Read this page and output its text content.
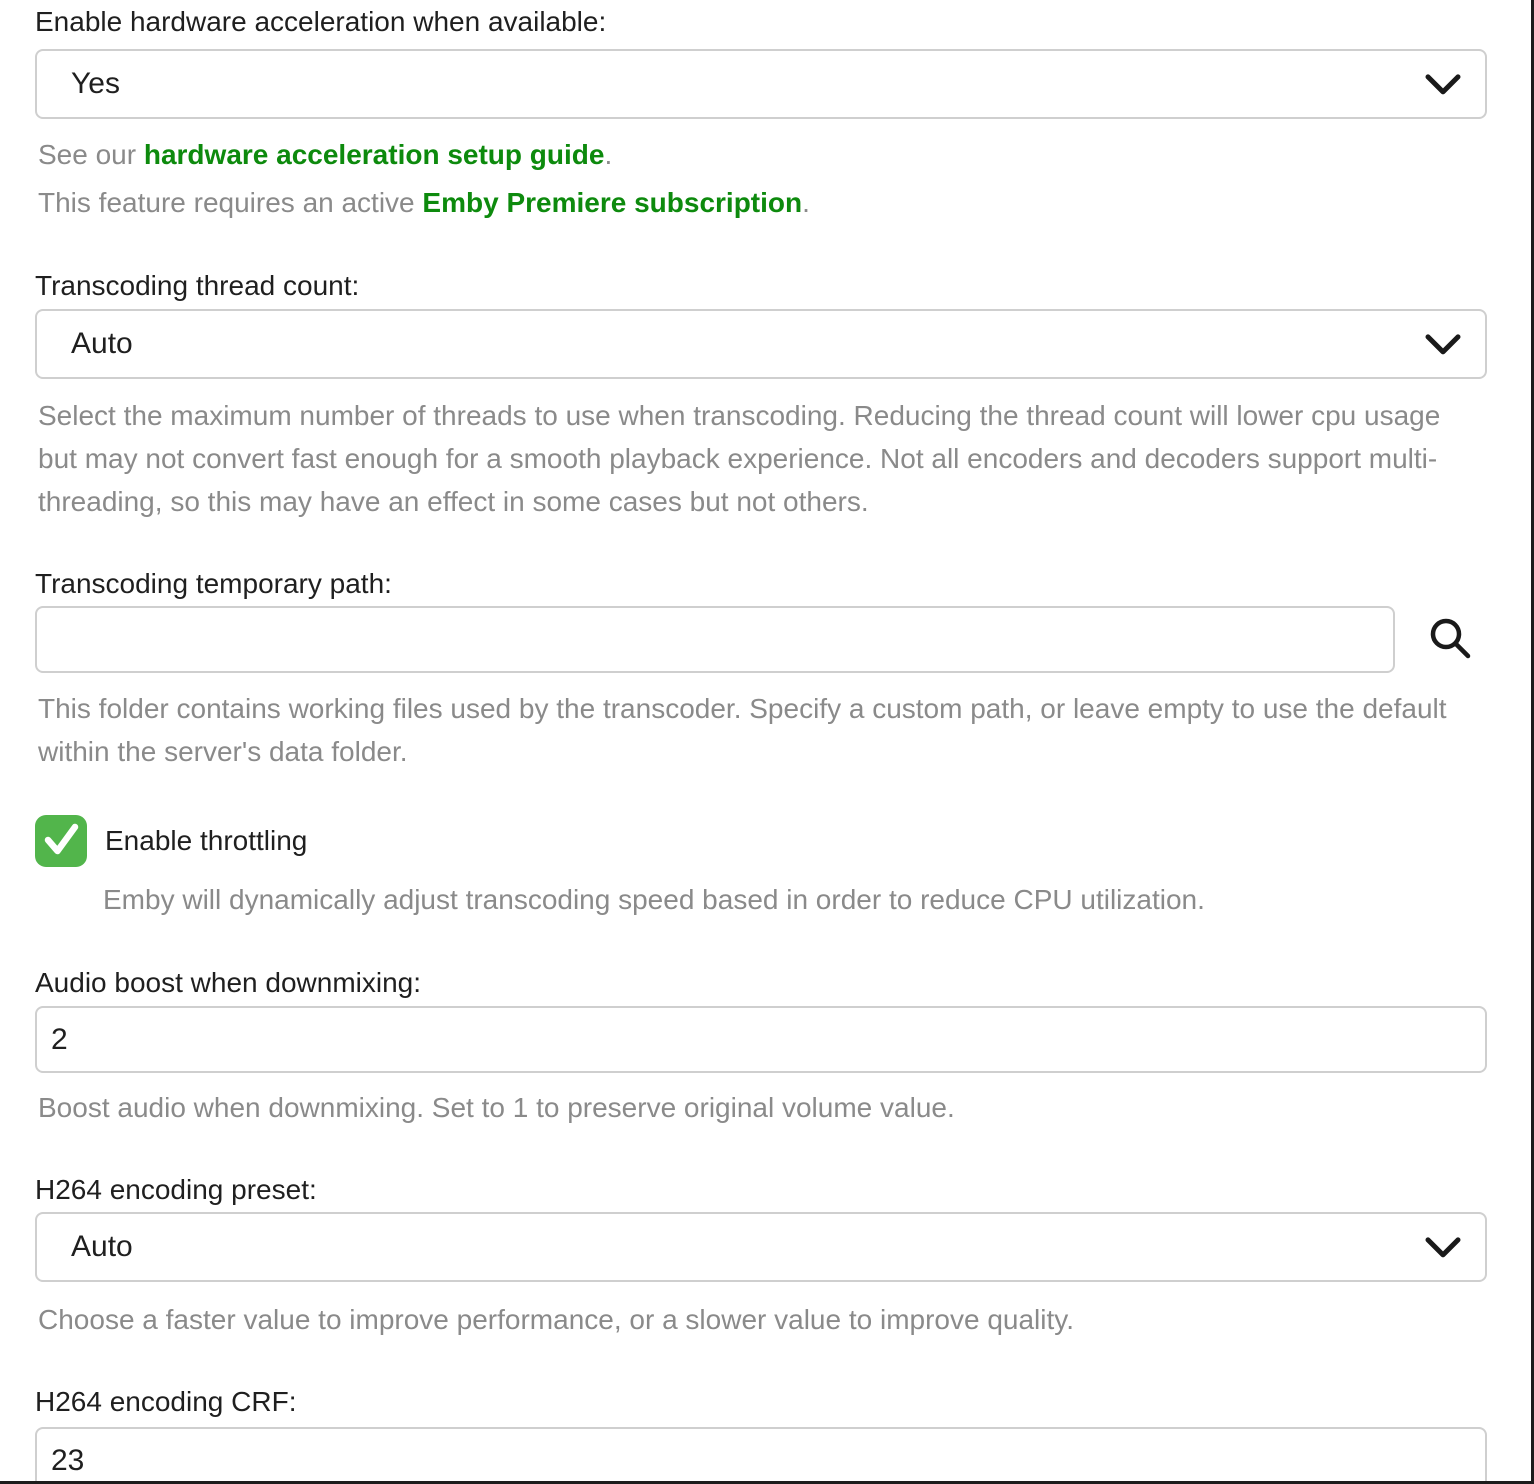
Enable hardware acceleration when available:
Yes
See our hardware acceleration setup guide.
This feature requires an active Emby Premiere subscription.
Transcoding thread count:
Auto
Select the maximum number of threads to use when transcoding. Reducing the thread count will lower cpu usage but may not convert fast enough for a smooth playback experience. Not all encoders and decoders support multi-threading, so this may have an effect in some cases but not others.
Transcoding temporary path:
This folder contains working files used by the transcoder. Specify a custom path, or leave empty to use the default within the server's data folder.
Enable throttling
Emby will dynamically adjust transcoding speed based in order to reduce CPU utilization.
Audio boost when downmixing:
2
Boost audio when downmixing. Set to 1 to preserve original volume value.
H264 encoding preset:
Auto
Choose a faster value to improve performance, or a slower value to improve quality.
H264 encoding CRF:
23
